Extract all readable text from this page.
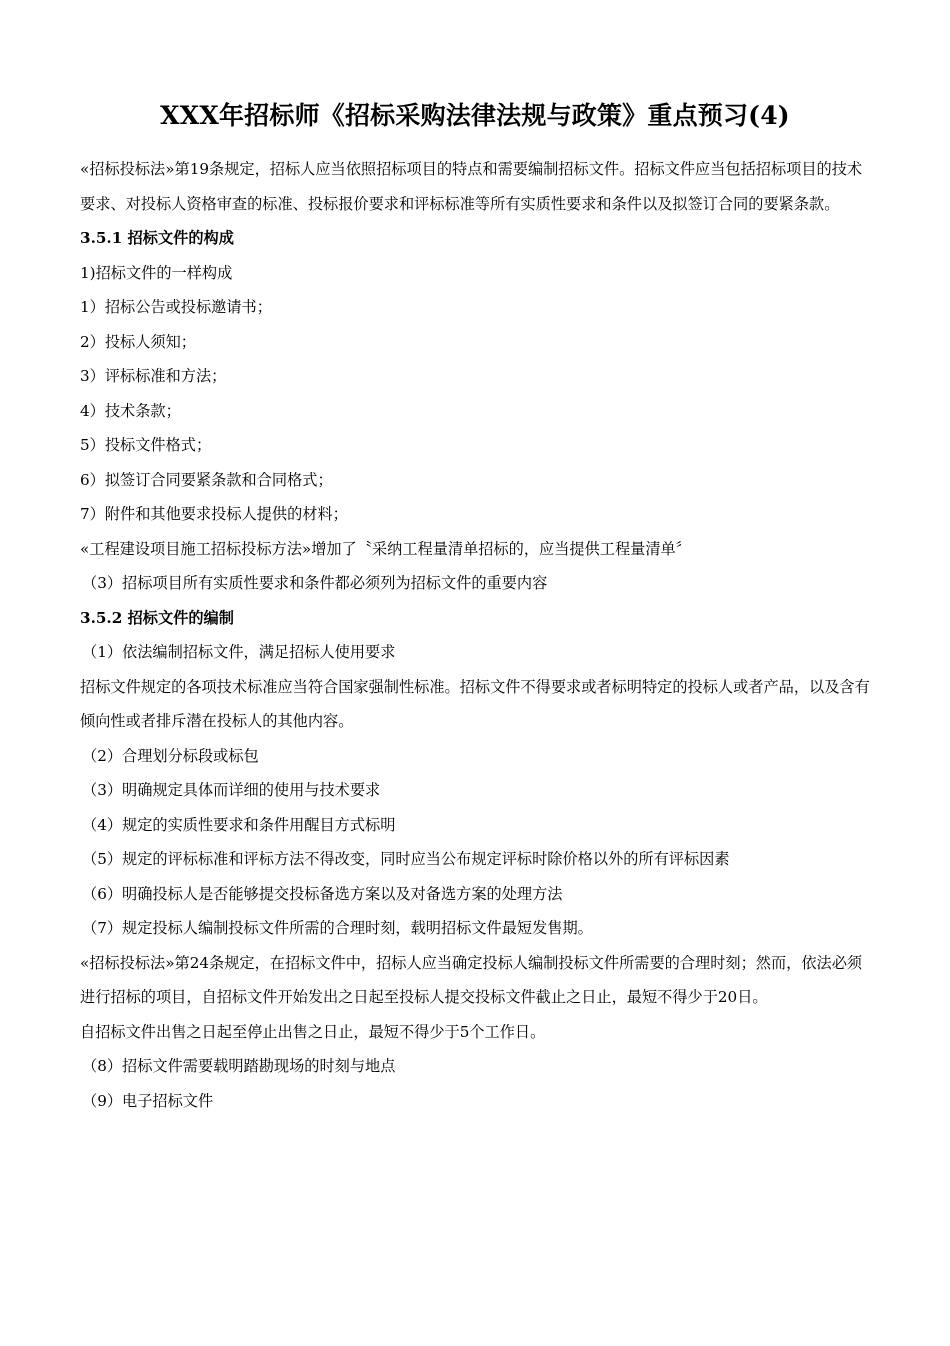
XXX年招标师《招标采购法律法规与政策》重点预习(4)

«招标投标法»第19条规定，招标人应当依照招标项目的特点和需要编制招标文件。招标文件应当包括招标项目的技术要求、对投标人资格审查的标准、投标报价要求和评标标准等所有实质性要求和条件以及拟签订合同的要紧条款。

3.5.1 招标文件的构成

1)招标文件的一样构成

1）招标公告或投标邀请书；

2）投标人须知；

3）评标标准和方法；

4）技术条款；

5）投标文件格式；

6）拟签订合同要紧条款和合同格式；

7）附件和其他要求投标人提供的材料；

«工程建设项目施工招标投标方法»增加了〝采纳工程量清单招标的，应当提供工程量清单〞

（3）招标项目所有实质性要求和条件都必须列为招标文件的重要内容

3.5.2 招标文件的编制

（1）依法编制招标文件，满足招标人使用要求

招标文件规定的各项技术标准应当符合国家强制性标准。招标文件不得要求或者标明特定的投标人或者产品，以及含有倾向性或者排斥潜在投标人的其他内容。

（2）合理划分标段或标包

（3）明确规定具体而详细的使用与技术要求

（4）规定的实质性要求和条件用醒目方式标明

（5）规定的评标标准和评标方法不得改变，同时应当公布规定评标时除价格以外的所有评标因素

（6）明确投标人是否能够提交投标备选方案以及对备选方案的处理方法

（7）规定投标人编制投标文件所需的合理时刻，载明招标文件最短发售期。

«招标投标法»第24条规定，在招标文件中，招标人应当确定投标人编制投标文件所需要的合理时刻；然而，依法必须进行招标的项目，自招标文件开始发出之日起至投标人提交投标文件截止之日止，最短不得少于20日。

自招标文件出售之日起至停止出售之日止，最短不得少于5个工作日。

（8）招标文件需要载明踏勘现场的时刻与地点

（9）电子招标文件
